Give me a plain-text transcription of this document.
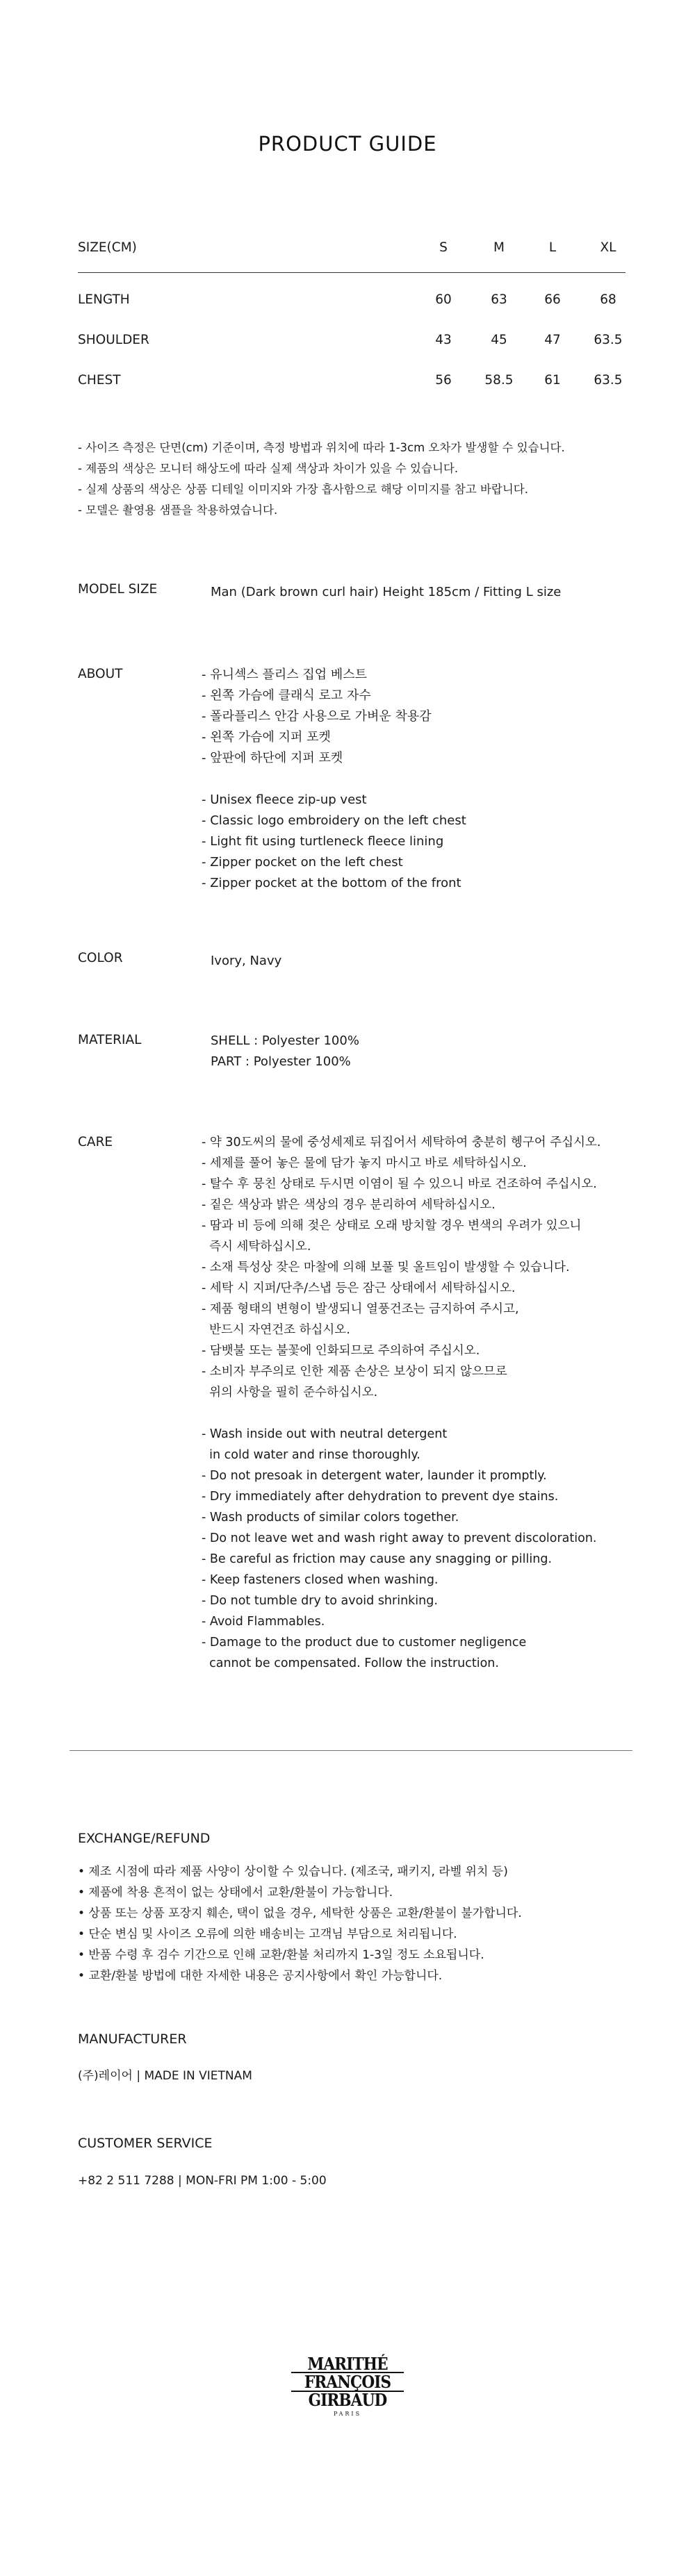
PRODUCT GUIDE
SIZE(CM)	S	M	L	XL
LENGTH	60	63	66	68
SHOULDER	43	45	47	63.5
CHEST	56	58.5	61	63.5
- 사이즈 측정은 단면(cm) 기준이며, 측정 방법과 위치에 따라 1-3cm 오차가 발생할 수 있습니다.
- 제품의 색상은 모니터 해상도에 따라 실제 색상과 차이가 있을 수 있습니다.
- 실제 상품의 색상은 상품 디테일 이미지와 가장 흡사함으로 해당 이미지를 참고 바랍니다.
- 모델은 촬영용 샘플을 착용하였습니다.
MODEL SIZE	Man (Dark brown curl hair) Height 185cm / Fitting L size
ABOUT	- 유니섹스 플리스 집업 베스트
- 왼쪽 가슴에 클래식 로고 자수
- 폴라플리스 안감 사용으로 가벼운 착용감
- 왼쪽 가슴에 지퍼 포켓
- 앞판에 하단에 지퍼 포켓

- Unisex fleece zip-up vest
- Classic logo embroidery on the left chest
- Light fit using turtleneck fleece lining
- Zipper pocket on the left chest
- Zipper pocket at the bottom of the front
COLOR	Ivory, Navy
MATERIAL	SHELL : Polyester 100%
PART : Polyester 100%
CARE	- 약 30도씨의 물에 중성세제로 뒤집어서 세탁하여 충분히 헹구어 주십시오.
- 세제를 풀어 놓은 물에 담가 놓지 마시고 바로 세탁하십시오.
- 탈수 후 뭉친 상태로 두시면 이염이 될 수 있으니 바로 건조하여 주십시오.
- 짙은 색상과 밝은 색상의 경우 분리하여 세탁하십시오.
- 땀과 비 등에 의해 젖은 상태로 오래 방치할 경우 변색의 우려가 있으니
즉시 세탁하십시오.
- 소재 특성상 잦은 마찰에 의해 보풀 및 올트임이 발생할 수 있습니다.
- 세탁 시 지퍼/단추/스냅 등은 잠근 상태에서 세탁하십시오.
- 제품 형태의 변형이 발생되니 열풍건조는 금지하여 주시고,
반드시 자연건조 하십시오.
- 담뱃불 또는 불꽃에 인화되므로 주의하여 주십시오.
- 소비자 부주의로 인한 제품 손상은 보상이 되지 않으므로
위의 사항을 필히 준수하십시오.

- Wash inside out with neutral detergent
in cold water and rinse thoroughly.
- Do not presoak in detergent water, launder it promptly.
- Dry immediately after dehydration to prevent dye stains.
- Wash products of similar colors together.
- Do not leave wet and wash right away to prevent discoloration.
- Be careful as friction may cause any snagging or pilling.
- Keep fasteners closed when washing.
- Do not tumble dry to avoid shrinking.
- Avoid Flammables.
- Damage to the product due to customer negligence
cannot be compensated. Follow the instruction.
EXCHANGE/REFUND
• 제조 시점에 따라 제품 사양이 상이할 수 있습니다. (제조국, 패키지, 라벨 위치 등)
• 제품에 착용 흔적이 없는 상태에서 교환/환불이 가능합니다.
• 상품 또는 상품 포장지 훼손, 택이 없을 경우, 세탁한 상품은 교환/환불이 불가합니다.
• 단순 변심 및 사이즈 오류에 의한 배송비는 고객님 부담으로 처리됩니다.
• 반품 수령 후 검수 기간으로 인해 교환/환불 처리까지 1-3일 정도 소요됩니다.
• 교환/환불 방법에 대한 자세한 내용은 공지사항에서 확인 가능합니다.
MANUFACTURER
(주)레이어 | MADE IN VIETNAM
CUSTOMER SERVICE
+82 2 511 7288 | MON-FRI PM 1:00 - 5:00
MARITHÉ
FRANÇOIS
GIRBAUD
PARIS
